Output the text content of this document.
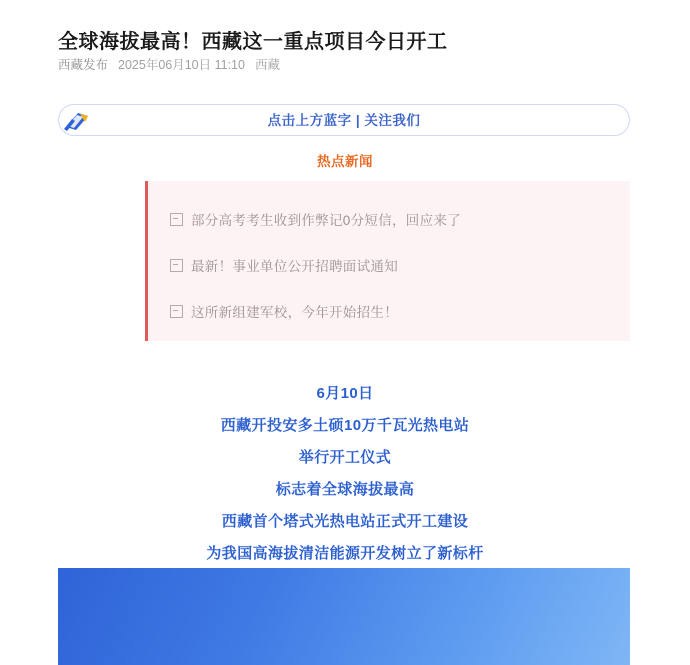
全球海拔最高！西藏这一重点项目今日开工
西藏发布 2025年06月10日 11:10 西藏
点击上方蓝字 | 关注我们
热点新闻
部分高考考生收到作弊记0分短信，回应来了
最新！事业单位公开招聘面试通知
这所新组建军校，今年开始招生！
6月10日
西藏开投安多土硕10万千瓦光热电站
举行开工仪式
标志着全球海拔最高
西藏首个塔式光热电站正式开工建设
为我国高海拔清洁能源开发树立了新标杆
